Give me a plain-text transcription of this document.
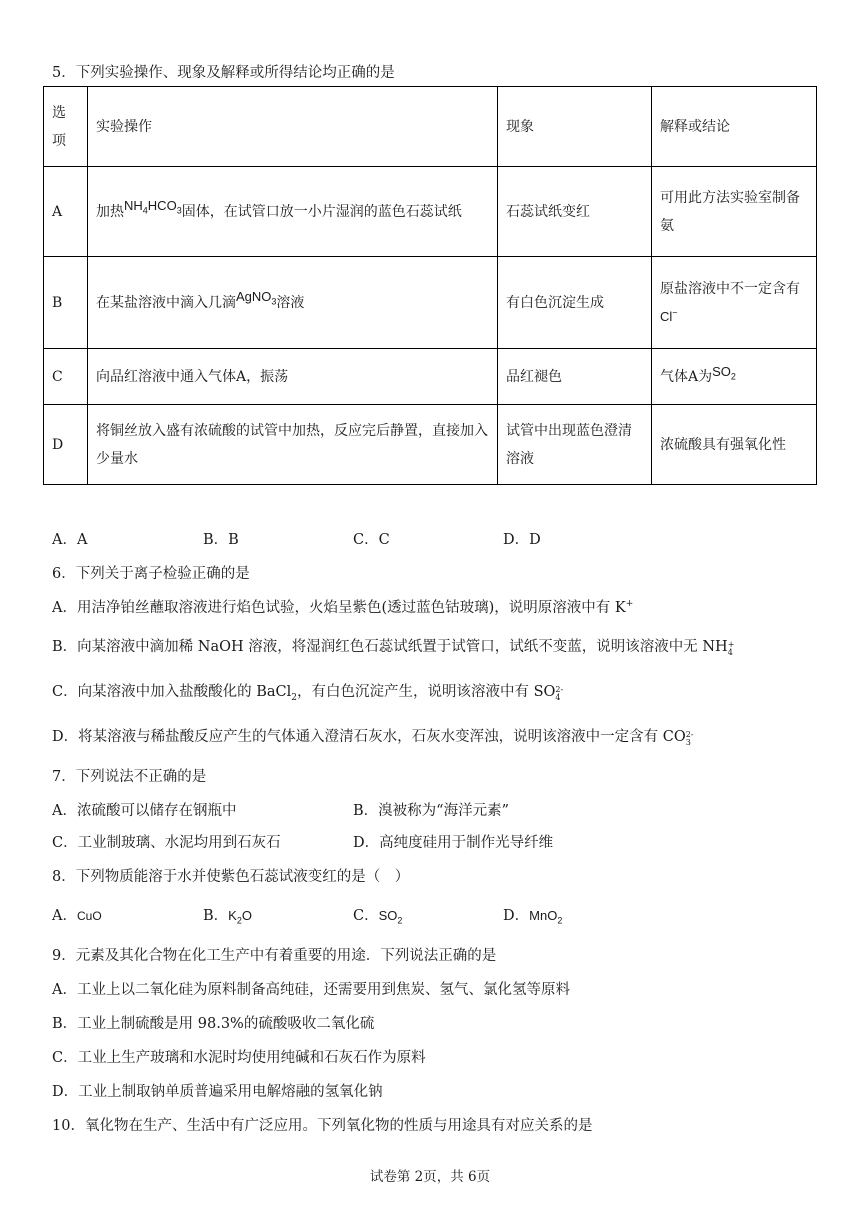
5．下列实验操作、现象及解释或所得结论均正确的是
选项	实验操作	现象	解释或结论
A	加热$NH_4HCO_3$固体，在试管口放一小片湿润的蓝色石蕊试纸	石蕊试纸变红	可用此方法实验室制备氨
B	在某盐溶液中滴入几滴AgNO$_3$溶液	有白色沉淀生成	原盐溶液中不一定含有Cl−
C	向品红溶液中通入气体A，振荡	品红褪色	气体A为$SO_2$
D	将铜丝放入盛有浓硫酸的试管中加热，反应完后静置，直接加入少量水	试管中出现蓝色澄清溶液	浓硫酸具有强氧化性
A．A	B．B	C．C	D．D
6．下列关于离子检验正确的是
A．用洁净铂丝蘸取溶液进行焰色试验，火焰呈紫色(透过蓝色钴玻璃)，说明原溶液中有 K+
B．向某溶液中滴加稀 NaOH 溶液，将湿润红色石蕊试纸置于试管口，试纸不变蓝，说明该溶液中无 NH+
4
C．向某溶液中加入盐酸酸化的 BaCl$_2$，有白色沉淀产生，说明该溶液中有 SO2-
4
D．将某溶液与稀盐酸反应产生的气体通入澄清石灰水，石灰水变浑浊，说明该溶液中一定含有 CO2-
3
7．下列说法不正确的是
A．浓硫酸可以储存在钢瓶中	B．溴被称为“海洋元素”
C．工业制玻璃、水泥均用到石灰石	D．高纯度硅用于制作光导纤维
8．下列物质能溶于水并使紫色石蕊试液变红的是（　）
A．CuO	B．$K_2O$	C．$SO_2$	D．MnO$_2$
9．元素及其化合物在化工生产中有着重要的用途．下列说法正确的是
A．工业上以二氧化硅为原料制备高纯硅，还需要用到焦炭、氢气、氯化氢等原料
B．工业上制硫酸是用 98.3%的硫酸吸收二氧化硫
C．工业上生产玻璃和水泥时均使用纯碱和石灰石作为原料
D．工业上制取钠单质普遍采用电解熔融的氢氧化钠
10．氧化物在生产、生活中有广泛应用。下列氧化物的性质与用途具有对应关系的是
试卷第 2页，共 6页
